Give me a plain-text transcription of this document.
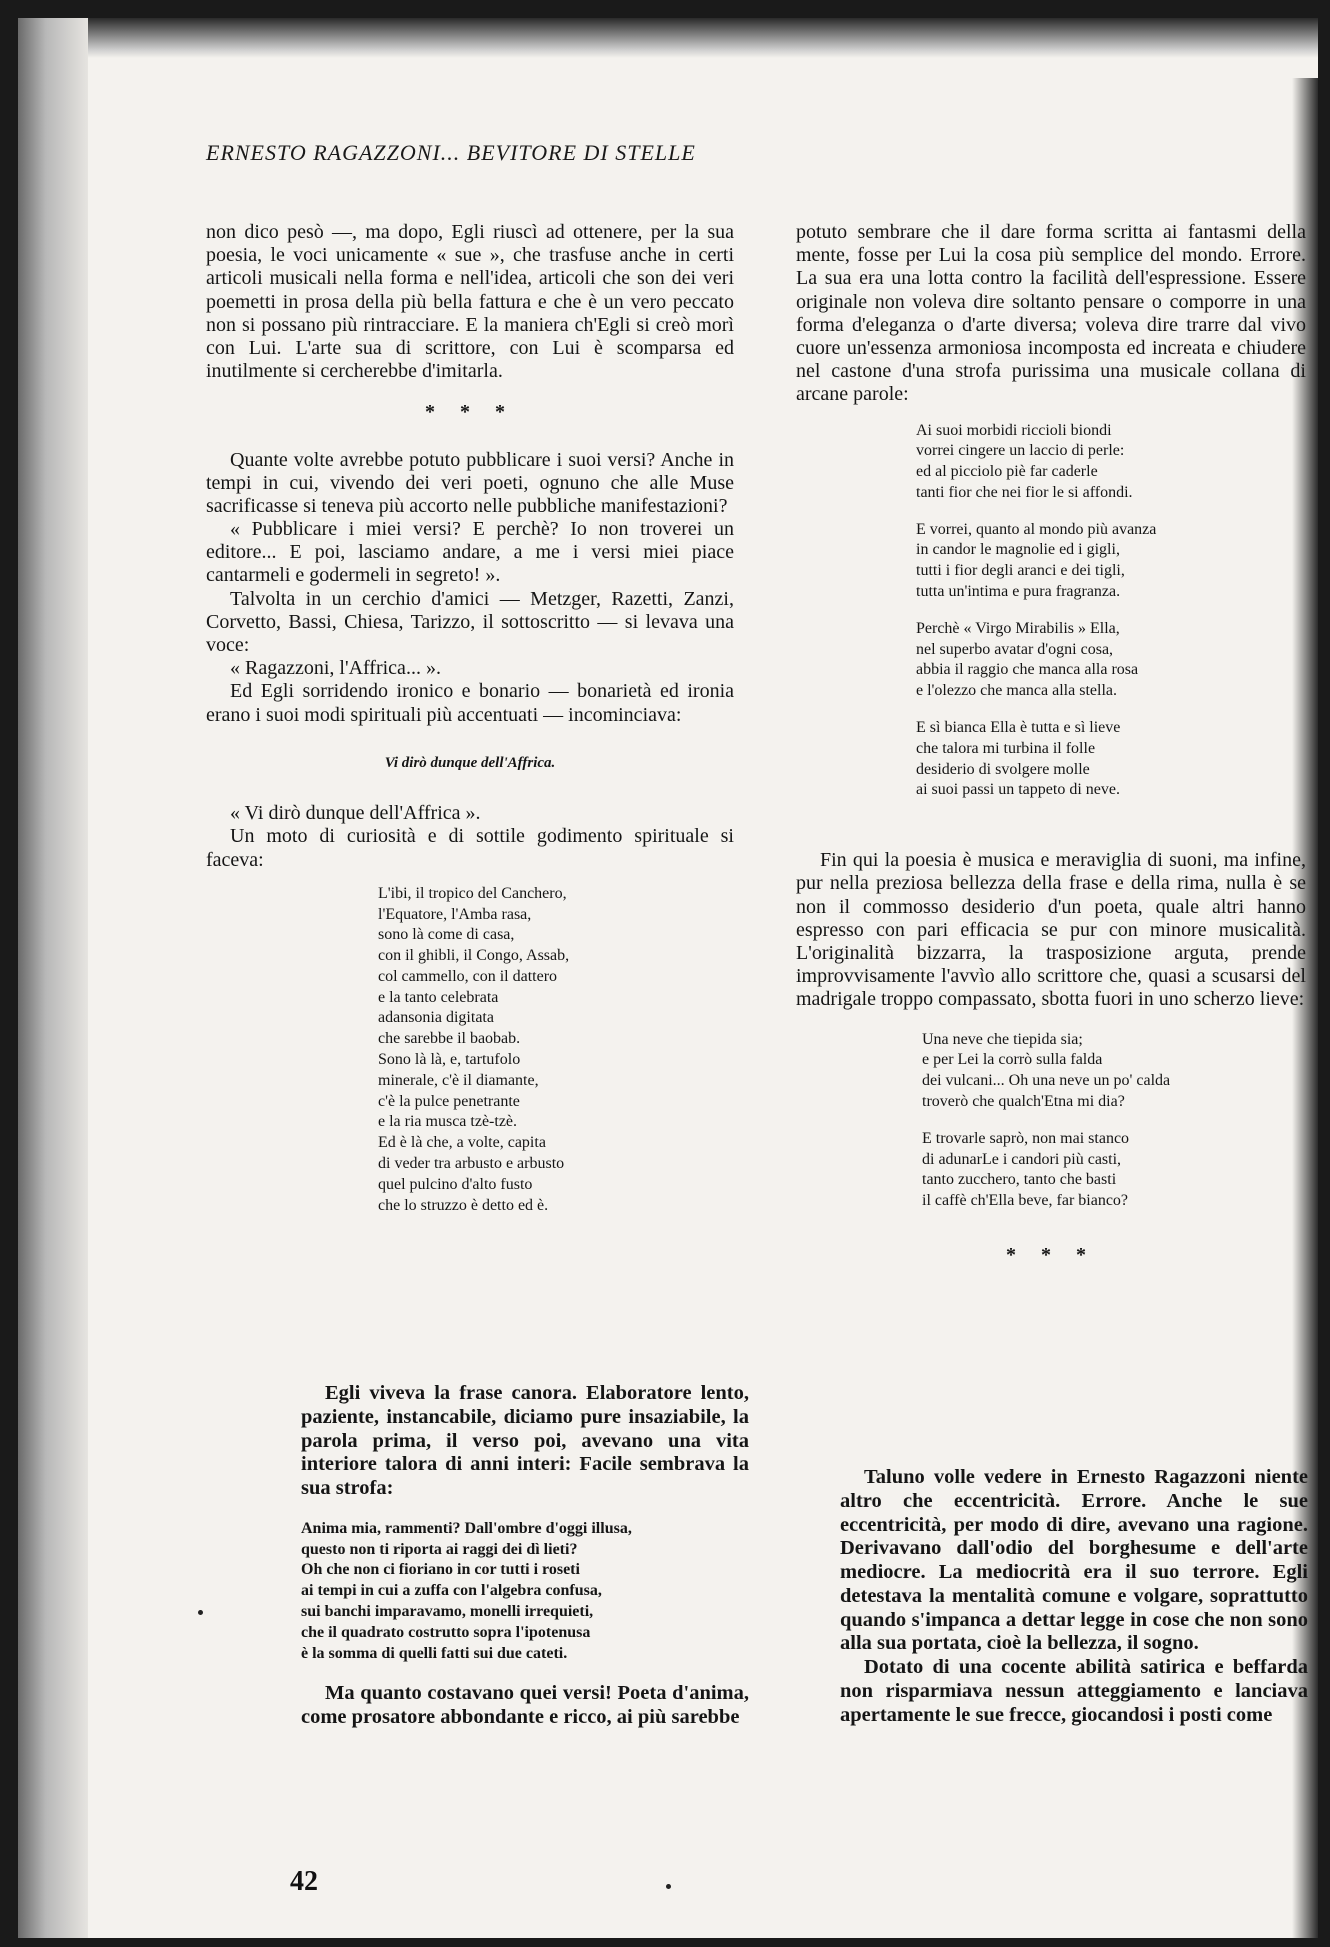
ERNESTO RAGAZZONI... BEVITORE DI STELLE

non dico pesò —, ma dopo, Egli riuscì ad ottenere, per la sua poesia, le voci unicamente « sue », che trasfuse anche in certi articoli musicali nella forma e nell'idea, articoli che son dei veri poemetti in prosa della più bella fattura e che è un vero peccato non si possano più rintracciare. E la maniera ch'Egli si creò morì con Lui. L'arte sua di scrittore, con Lui è scomparsa ed inutilmente si cercherebbe d'imitarla.

* * *

Quante volte avrebbe potuto pubblicare i suoi versi? Anche in tempi in cui, vivendo dei veri poeti, ognuno che alle Muse sacrificasse si teneva più accorto nelle pubbliche manifestazioni?

« Pubblicare i miei versi? E perchè? Io non troverei un editore... E poi, lasciamo andare, a me i versi miei piace cantarmeli e godermeli in segreto! ».

Talvolta in un cerchio d'amici — Metzger, Razetti, Zanzi, Corvetto, Bassi, Chiesa, Tarizzo, il sottoscritto — si levava una voce:

« Ragazzoni, l'Affrica... ».

Ed Egli sorridendo ironico e bonario — bonarietà ed ironia erano i suoi modi spirituali più accentuati — incominciava:

Vi dirò dunque dell'Affrica.

« Vi dirò dunque dell'Affrica ».

Un moto di curiosità e di sottile godimento spirituale si faceva:

L'ibi, il tropico del Canchero,
l'Equatore, l'Amba rasa,
sono là come di casa,
con il ghibli, il Congo, Assab,
col cammello, con il dattero
e la tanto celebrata
adansonia digitata
che sarebbe il baobab.
Sono là là, e, tartufolo
minerale, c'è il diamante,
c'è la pulce penetrante
e la ria musca tzè-tzè.
Ed è là che, a volte, capita
di veder tra arbusto e arbusto
quel pulcino d'alto fusto
che lo struzzo è detto ed è.

Egli viveva la frase canora. Elaboratore lento, paziente, instancabile, diciamo pure insaziabile, la parola prima, il verso poi, avevano una vita interiore talora di anni interi: Facile sembrava la sua strofa:

Anima mia, rammenti? Dall'ombre d'oggi illusa,
questo non ti riporta ai raggi dei dì lieti?
Oh che non ci fioriano in cor tutti i roseti
ai tempi in cui a zuffa con l'algebra confusa,
sui banchi imparavamo, monelli irrequieti,
che il quadrato costrutto sopra l'ipotenusa
è la somma di quelli fatti sui due cateti.

Ma quanto costavano quei versi! Poeta d'anima, come prosatore abbondante e ricco, ai più sarebbe

potuto sembrare che il dare forma scritta ai fantasmi della mente, fosse per Lui la cosa più semplice del mondo. Errore. La sua era una lotta contro la facilità dell'espressione. Essere originale non voleva dire soltanto pensare o comporre in una forma d'eleganza o d'arte diversa; voleva dire trarre dal vivo cuore un'essenza armoniosa incomposta ed increata e chiudere nel castone d'una strofa purissima una musicale collana di arcane parole:

Ai suoi morbidi riccioli biondi
vorrei cingere un laccio di perle:
ed al picciolo piè far caderle
tanti fior che nei fior le si affondi.
E vorrei, quanto al mondo più avanza
in candor le magnolie ed i gigli,
tutti i fior degli aranci e dei tigli,
tutta un'intima e pura fragranza.
Perchè « Virgo Mirabilis » Ella,
nel superbo avatar d'ogni cosa,
abbia il raggio che manca alla rosa
e l'olezzo che manca alla stella.
E sì bianca Ella è tutta e sì lieve
che talora mi turbina il folle
desiderio di svolgere molle
ai suoi passi un tappeto di neve.

Fin qui la poesia è musica e meraviglia di suoni, ma infine, pur nella preziosa bellezza della frase e della rima, nulla è se non il commosso desiderio d'un poeta, quale altri hanno espresso con pari efficacia se pur con minore musicalità. L'originalità bizzarra, la trasposizione arguta, prende improvvisamente l'avvìo allo scrittore che, quasi a scusarsi del madrigale troppo compassato, sbotta fuori in uno scherzo lieve:

Una neve che tiepida sia;
e per Lei la corrò sulla falda
dei vulcani... Oh una neve un po' calda
troverò che qualch'Etna mi dia?
E trovarle saprò, non mai stanco
di adunarLe i candori più casti,
tanto zucchero, tanto che basti
il caffè ch'Ella beve, far bianco?
* * *

Taluno volle vedere in Ernesto Ragazzoni niente altro che eccentricità. Errore. Anche le sue eccentricità, per modo di dire, avevano una ragione. Derivavano dall'odio del borghesume e dell'arte mediocre. La mediocrità era il suo terrore. Egli detestava la mentalità comune e volgare, soprattutto quando s'impanca a dettar legge in cose che non sono alla sua portata, cioè la bellezza, il sogno.

Dotato di una cocente abilità satirica e beffarda non risparmiava nessun atteggiamento e lanciava apertamente le sue frecce, giocandosi i posti come

42
